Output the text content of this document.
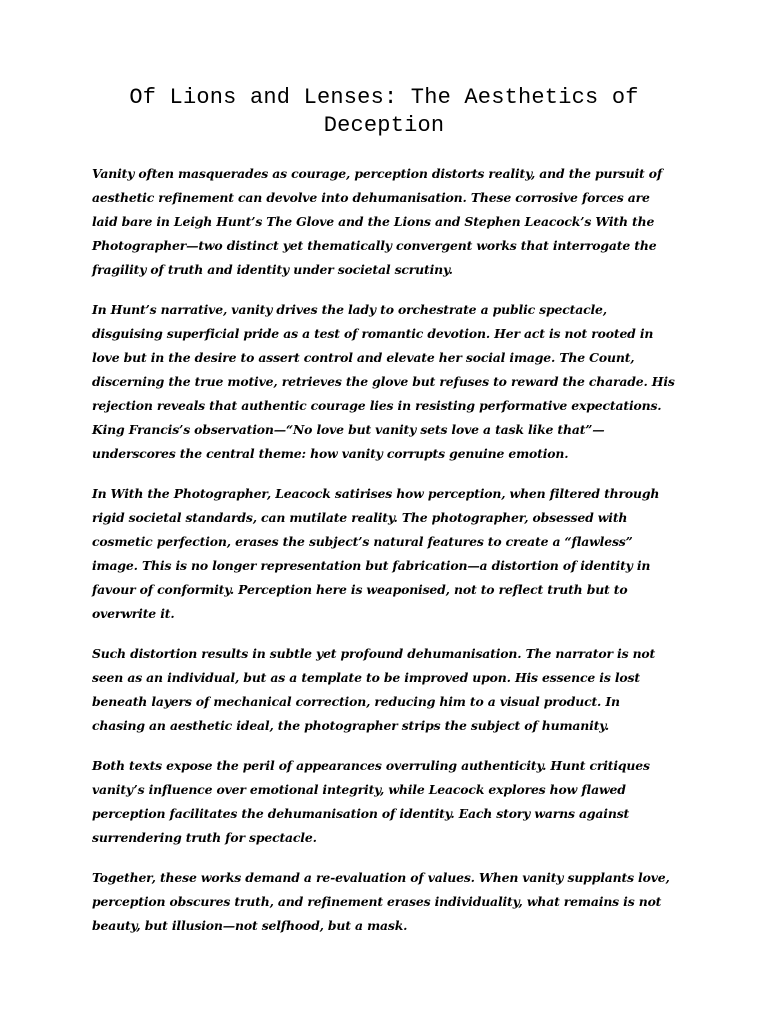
Of Lions and Lenses: The Aesthetics of Deception

Vanity often masquerades as courage, perception distorts reality, and the pursuit of aesthetic refinement can devolve into dehumanisation. These corrosive forces are laid bare in Leigh Hunt’s The Glove and the Lions and Stephen Leacock’s With the Photographer—two distinct yet thematically convergent works that interrogate the fragility of truth and identity under societal scrutiny.

In Hunt’s narrative, vanity drives the lady to orchestrate a public spectacle, disguising superficial pride as a test of romantic devotion. Her act is not rooted in love but in the desire to assert control and elevate her social image. The Count, discerning the true motive, retrieves the glove but refuses to reward the charade. His rejection reveals that authentic courage lies in resisting performative expectations. King Francis’s observation—“No love but vanity sets love a task like that”—underscores the central theme: how vanity corrupts genuine emotion.

In With the Photographer, Leacock satirises how perception, when filtered through rigid societal standards, can mutilate reality. The photographer, obsessed with cosmetic perfection, erases the subject’s natural features to create a “flawless” image. This is no longer representation but fabrication—a distortion of identity in favour of conformity. Perception here is weaponised, not to reflect truth but to overwrite it.

Such distortion results in subtle yet profound dehumanisation. The narrator is not seen as an individual, but as a template to be improved upon. His essence is lost beneath layers of mechanical correction, reducing him to a visual product. In chasing an aesthetic ideal, the photographer strips the subject of humanity.

Both texts expose the peril of appearances overruling authenticity. Hunt critiques vanity’s influence over emotional integrity, while Leacock explores how flawed perception facilitates the dehumanisation of identity. Each story warns against surrendering truth for spectacle.

Together, these works demand a re-evaluation of values. When vanity supplants love, perception obscures truth, and refinement erases individuality, what remains is not beauty, but illusion—not selfhood, but a mask.
